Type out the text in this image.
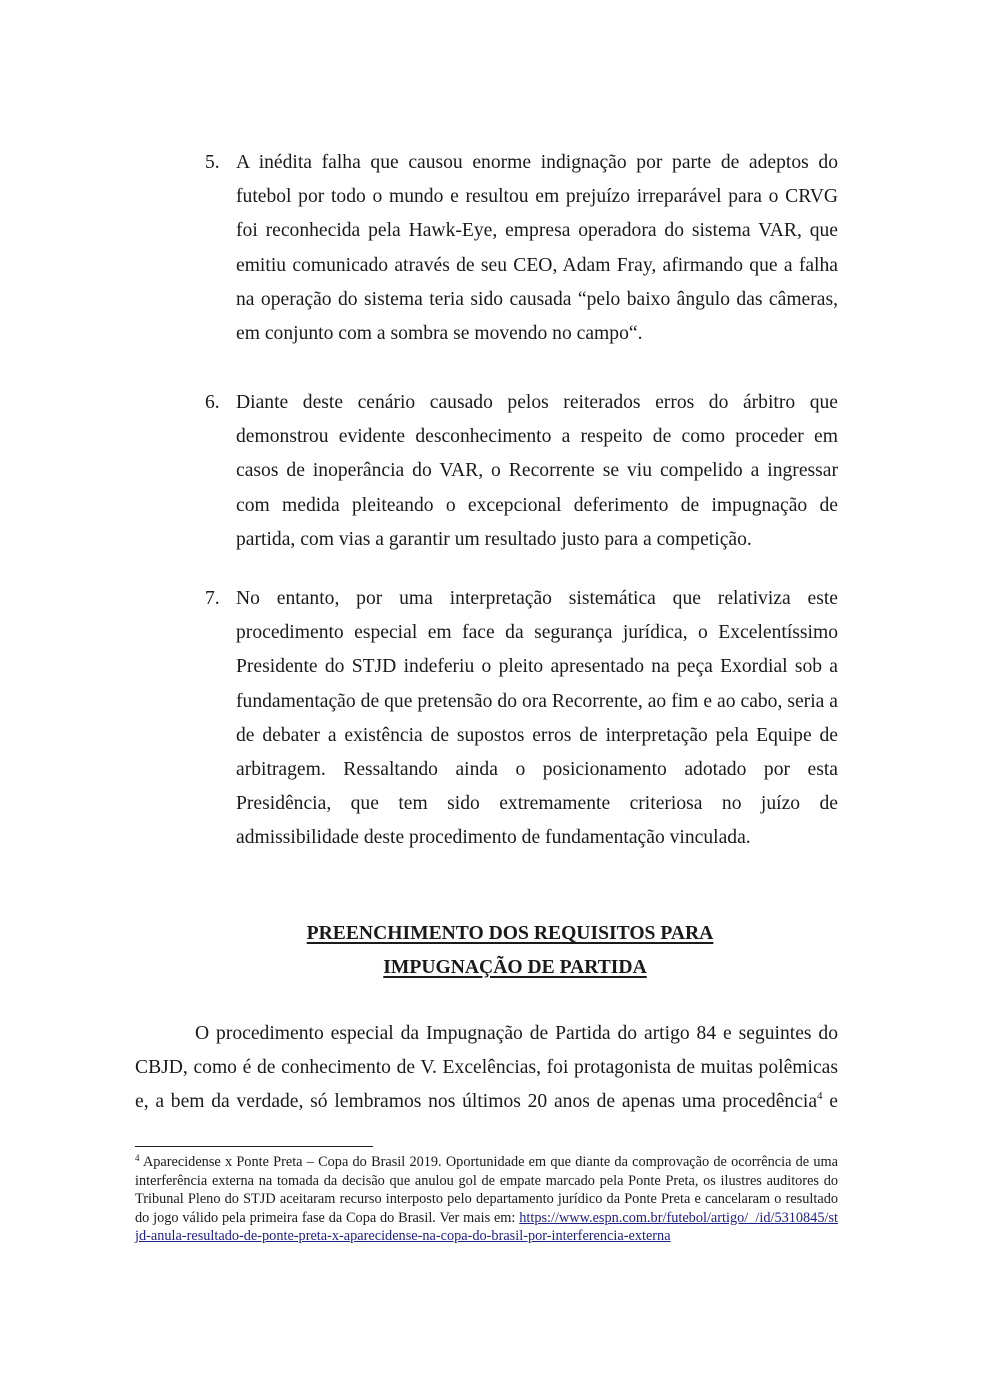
5. A inédita falha que causou enorme indignação por parte de adeptos do futebol por todo o mundo e resultou em prejuízo irreparável para o CRVG foi reconhecida pela Hawk-Eye, empresa operadora do sistema VAR, que emitiu comunicado através de seu CEO, Adam Fray, afirmando que a falha na operação do sistema teria sido causada “pelo baixo ângulo das câmeras, em conjunto com a sombra se movendo no campo“.
6. Diante deste cenário causado pelos reiterados erros do árbitro que demonstrou evidente desconhecimento a respeito de como proceder em casos de inoperância do VAR, o Recorrente se viu compelido a ingressar com medida pleiteando o excepcional deferimento de impugnação de partida, com vias a garantir um resultado justo para a competição.
7. No entanto, por uma interpretação sistemática que relativiza este procedimento especial em face da segurança jurídica, o Excelentíssimo Presidente do STJD indeferiu o pleito apresentado na peça Exordial sob a fundamentação de que pretensão do ora Recorrente, ao fim e ao cabo, seria a de debater a existência de supostos erros de interpretação pela Equipe de arbitragem. Ressaltando ainda o posicionamento adotado por esta Presidência, que tem sido extremamente criteriosa no juízo de admissibilidade deste procedimento de fundamentação vinculada.
PREENCHIMENTO DOS REQUISITOS PARA
IMPUGNAÇÃO DE PARTIDA
O procedimento especial da Impugnação de Partida do artigo 84 e seguintes do CBJD, como é de conhecimento de V. Excelências, foi protagonista de muitas polêmicas e, a bem da verdade, só lembramos nos últimos 20 anos de apenas uma procedência$^4$ e
$^4$ Aparecidense x Ponte Preta – Copa do Brasil 2019. Oportunidade em que diante da comprovação de ocorrência de uma interferência externa na tomada da decisão que anulou gol de empate marcado pela Ponte Preta, os ilustres auditores do Tribunal Pleno do STJD aceitaram recurso interposto pelo departamento jurídico da Ponte Preta e cancelaram o resultado do jogo válido pela primeira fase da Copa do Brasil. Ver mais em: https://www.espn.com.br/futebol/artigo/_/id/5310845/stjd-anula-resultado-de-ponte-preta-x-aparecidense-na-copa-do-brasil-por-interferencia-externa
